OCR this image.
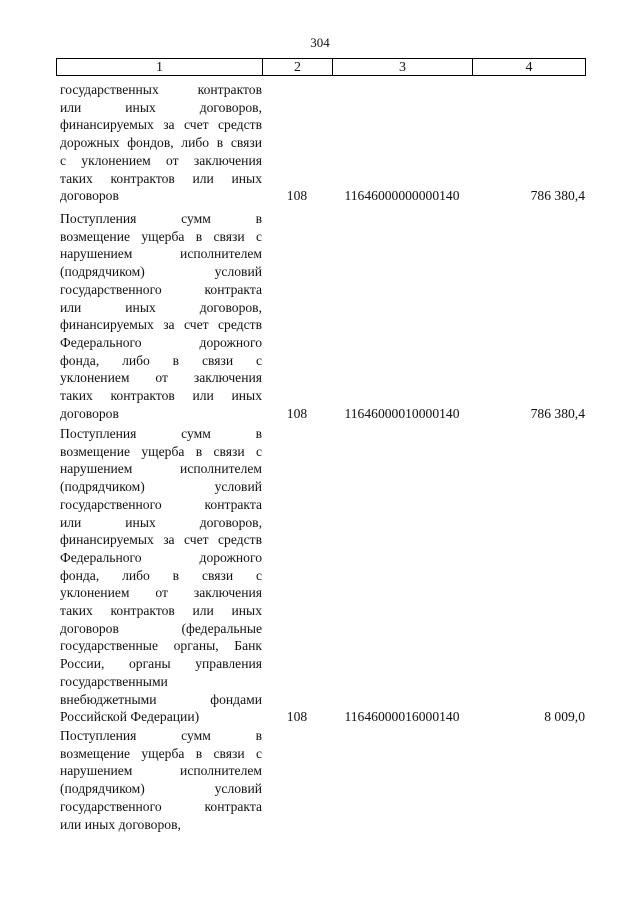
304
1	2	3	4
государственных контрактов
или иных договоров,
финансируемых за счет средств
дорожных фондов, либо в связи
с уклонением от заключения
таких контрактов или иных
договоров	108	11646000000000140	786 380,4
Поступления сумм в
возмещение ущерба в связи с
нарушением исполнителем
(подрядчиком) условий
государственного контракта
или иных договоров,
финансируемых за счет средств
Федерального дорожного
фонда, либо в связи с
уклонением от заключения
таких контрактов или иных
договоров	108	11646000010000140	786 380,4
Поступления сумм в
возмещение ущерба в связи с
нарушением исполнителем
(подрядчиком) условий
государственного контракта
или иных договоров,
финансируемых за счет средств
Федерального дорожного
фонда, либо в связи с
уклонением от заключения
таких контрактов или иных
договоров (федеральные
государственные органы, Банк
России, органы управления
государственными
внебюджетными фондами
Российской Федерации)	108	11646000016000140	8 009,0
Поступления сумм в
возмещение ущерба в связи с
нарушением исполнителем
(подрядчиком) условий
государственного контракта
или иных договоров,
